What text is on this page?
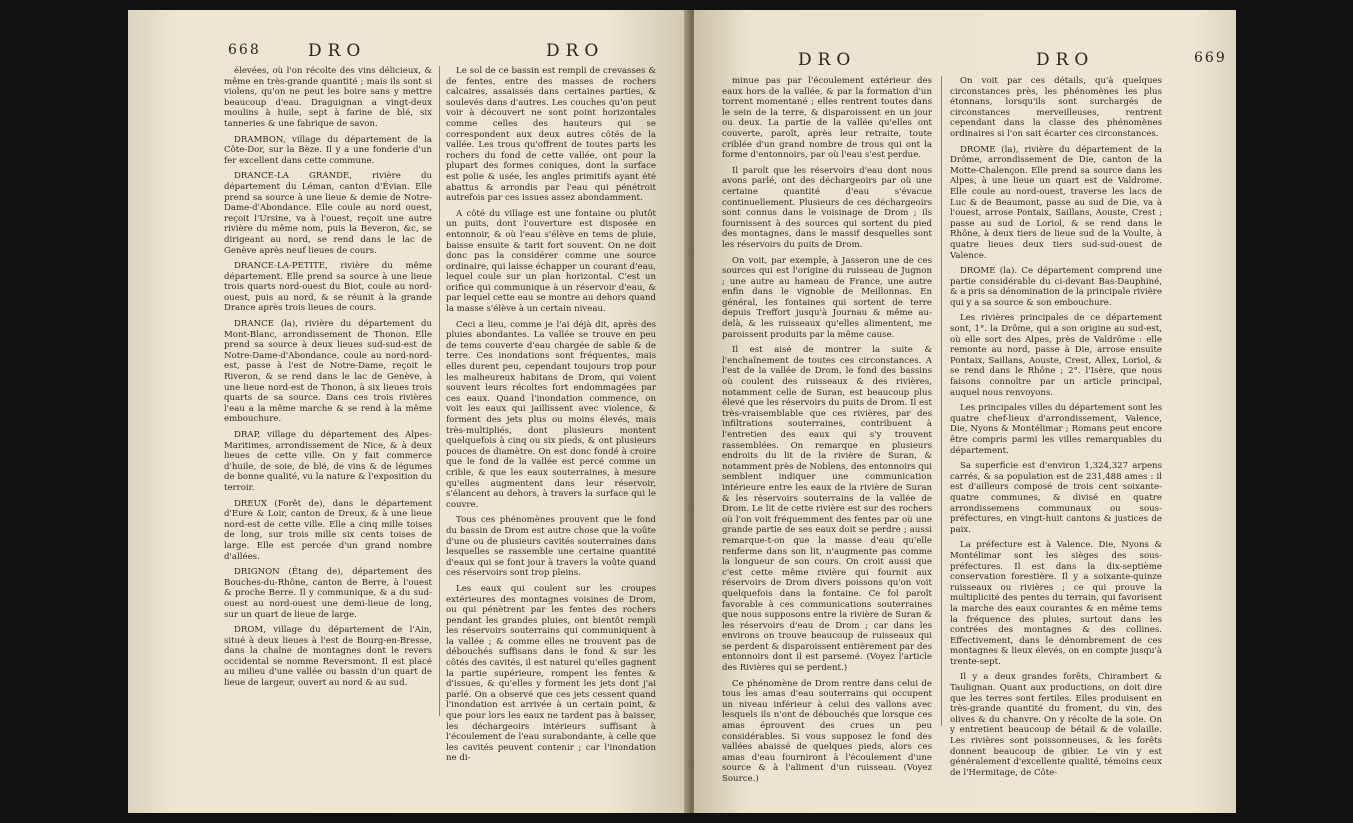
668	DRO	DRO

élevées, où l'on récolte des vins délicieux, & même en très-grande quantité ; mais ils sont si violens, qu'on ne peut les boire sans y mettre beaucoup d'eau. Draguignan a vingt-deux moulins à huile, sept à farine de blé, six tanneries & une fabrique de savon.

DRAMBON, village du département de la Côte-Dor, sur la Bèze. Il y a une fonderie d'un fer excellent dans cette commune.

DRANCE-LA GRANDE, rivière du département du Léman, canton d'Évian. Elle prend sa source à une lieue & demie de Notre-Dame-d'Abondance. Elle coule au nord ouest, reçoit l'Ursine, va à l'ouest, reçoit une autre rivière du même nom, puis la Beveron, &c, se dirigeant au nord, se rend dans le lac de Genève après neuf lieues de cours.

DRANCE-LA-PETITE, rivière du même département. Elle prend sa source à une lieue trois quarts nord-ouest du Biot, coule au nord-ouest, puis au nord, & se réunit à la grande Drance après trois lieues de cours.

DRANCE (la), rivière du département du Mont-Blanc, arrondissement de Thonon. Elle prend sa source à deux lieues sud-sud-est de Notre-Dame-d'Abondance, coule au nord-nord-est, passe à l'est de Notre-Dame, reçoit le Riveron, & se rend dans le lac de Genève, à une lieue nord-est de Thonon, à six lieues trois quarts de sa source. Dans ces trois rivières l'eau a la même marche & se rend à la même embouchure.

DRAP, village du département des Alpes-Maritimes, arrondissement de Nice, & à deux lieues de cette ville. On y fait commerce d'huile, de soie, de blé, de vins & de légumes de bonne qualité, vu la nature & l'exposition du terroir.

DREUX (Forêt de), dans le département d'Eure & Loir, canton de Dreux, & à une lieue nord-est de cette ville. Elle a cinq mille toises de long, sur trois mille six cents toises de large. Elle est percée d'un grand nombre d'allées.

DRIGNON (Étang de), département des Bouches-du-Rhône, canton de Berre, à l'ouest & proche Berre. Il y communique, & a du sud-ouest au nord-ouest une demi-lieue de long, sur un quart de lieue de large.

DROM, village du département de l'Ain, situé à deux lieues à l'est de Bourg-en-Bresse, dans la chaîne de montagnes dont le revers occidental se nomme Reversmont. Il est placé au milieu d'une vallée ou bassin d'un quart de lieue de largeur, ouvert au nord & au sud.

Le sol de ce bassin est rempli de crevasses & de fentes, entre des masses de rochers calcaires, assaissés dans certaines parties, & soulevés dans d'autres. Les couches qu'on peut voir à découvert ne sont point horizontales comme celles des hauteurs qui se correspondent aux deux autres côtés de la vallée. Les trous qu'offrent de toutes parts les rochers du fond de cette vallée, ont pour la plupart des formes coniques, dont la surface est polie & usée, les angles primitifs ayant été abattus & arrondis par l'eau qui pénétroit autrefois par ces issues assez abondamment.

A côté du village est une fontaine ou plutôt un puits, dont l'ouverture est disposée en entonnoir, & où l'eau s'élève en tems de pluie, baisse ensuite & tarit fort souvent. On ne doit donc pas la considérer comme une source ordinaire, qui laisse échapper un courant d'eau, lequel coule sur un plan horizontal. C'est un orifice qui communique à un réservoir d'eau, & par lequel cette eau se montre au dehors quand la masse s'élève à un certain niveau.

Ceci a lieu, comme je l'ai déjà dit, après des pluies abondantes. La vallée se trouve en peu de tems couverte d'eau chargée de sable & de terre. Ces inondations sont fréquentes, mais elles durent peu, cependant toujours trop pour les malheureux habitans de Drom, qui voient souvent leurs récoltes fort endommagées par ces eaux. Quand l'inondation commence, on voit les eaux qui jaillissent avec violence, & forment des jets plus ou moins élevés, mais très-multipliés, dont plusieurs montent quelquefois à cinq ou six pieds, & ont plusieurs pouces de diamètre. On est donc fondé à croire que le fond de la vallée est percé comme un crible, & que les eaux souterraines, à mesure qu'elles augmentent dans leur réservoir, s'élancent au dehors, à travers la surface qui le couvre.

Tous ces phénomènes prouvent que le fond du bassin de Drom est autre chose que la voûte d'une ou de plusieurs cavités souterraines dans lesquelles se rassemble une certaine quantité d'eaux qui se font jour à travers la voûte quand ces réservoirs sont trop pleins.

Les eaux qui coulent sur les croupes extérieures des montagnes voisines de Drom, ou qui pénètrent par les fentes des rochers pendant les grandes pluies, ont bientôt rempli les réservoirs souterrains qui communiquent à la vallée ; & comme elles ne trouvent pas de débouchés suffisans dans le fond & sur les côtés des cavités, il est naturel qu'elles gagnent la partie supérieure, rompent les fentes & d'issues, & qu'elles y forment les jets dont j'ai parlé. On a observé que ces jets cessent quand l'inondation est arrivée à un certain point, & que pour lors les eaux ne tardent pas à baisser, les déchargeoirs intérieurs suffisant à l'écoulement de l'eau surabondante, à celle que les cavités peuvent contenir ; car l'inondation ne di-

DRO	DRO	669

minue pas par l'écoulement extérieur des eaux hors de la vallée, & par la formation d'un torrent momentané ; elles rentrent toutes dans le sein de la terre, & disparoissent en un jour ou deux. La partie de la vallée qu'elles ont couverte, paroît, après leur retraite, toute criblée d'un grand nombre de trous qui ont la forme d'entonnoirs, par où l'eau s'est perdue.

Il paroît que les réservoirs d'eau dont nous avons parlé, ont des déchargeoirs par où une certaine quantité d'eau s'évacue continuellement. Plusieurs de ces déchargeoirs sont connus dans le voisinage de Drom ; ils fournissent à des sources qui sortent du pied des montagnes, dans le massif desquelles sont les réservoirs du puits de Drom.

On voit, par exemple, à Jasseron une de ces sources qui est l'origine du ruisseau de Jugnon ; une autre au hameau de France, une autre enfin dans le vignoble de Meillonnas. En général, les fontaines qui sortent de terre depuis Treffort jusqu'à Journau & même au-delà, & les ruisseaux qu'elles alimentent, me paroissent produits par la même cause.

Il est aisé de montrer la suite & l'enchaînement de toutes ces circonstances. A l'est de la vallée de Drom, le fond des bassins où coulent des ruisseaux & des rivières, notamment celle de Suran, est beaucoup plus élevé que les réservoirs du puits de Drom. Il est très-vraisemblable que ces rivières, par des infiltrations souterraines, contribuent à l'entretien des eaux qui s'y trouvent rassemblées. On remarque en plusieurs endroits du lit de la rivière de Suran, & notamment près de Noblens, des entonnoirs qui semblent indiquer une communication intérieure entre les eaux de la rivière de Suran & les réservoirs souterrains de la vallée de Drom. Le lit de cette rivière est sur des rochers où l'on voit fréquemment des fentes par où une grande partie de ses eaux doit se perdre ; aussi remarque-t-on que la masse d'eau qu'elle renferme dans son lit, n'augmente pas comme la longueur de son cours. On croit aussi que c'est cette même rivière qui fournit aux réservoirs de Drom divers poissons qu'on voit quelquefois dans la fontaine. Ce fol paroît favorable à ces communications souterraines que nous supposons entre la rivière de Suran & les réservoirs d'eau de Drom ; car dans les environs on trouve beaucoup de ruisseaux qui se perdent & disparoissent entièrement par des entonnoirs dont il est parsemé. (Voyez l'article des Rivières qui se perdent.)

Ce phénomène de Drom rentre dans celui de tous les amas d'eau souterrains qui occupent un niveau inférieur à celui des vallons avec lesquels ils n'ont de débouchés que lorsque ces amas éprouvent des crues un peu considérables. Si vous supposez le fond des vallées abaissé de quelques pieds, alors ces amas d'eau fourniront à l'écoulement d'une source & à l'aliment d'un ruisseau. (Voyez Source.)

On voit par ces détails, qu'à quelques circonstances près, les phénomènes les plus étonnans, lorsqu'ils sont surchargés de circonstances merveilleuses, rentrent cependant dans la classe des phénomènes ordinaires si l'on sait écarter ces circonstances.

DROME (la), rivière du département de la Drôme, arrondissement de Die, canton de la Motte-Chalençon. Elle prend sa source dans les Alpes, à une lieue un quart est de Valdrome. Elle coule au nord-ouest, traverse les lacs de Luc & de Beaumont, passe au sud de Die, va à l'ouest, arrose Pontaix, Saillans, Aouste, Crest ; passe au sud de Loriol, & se rend dans le Rhône, à deux tiers de lieue sud de la Voulte, à quatre lieues deux tiers sud-sud-ouest de Valence.

DROME (la). Ce département comprend une partie considérable du ci-devant Bas-Dauphiné, & a pris sa dénomination de la principale rivière qui y a sa source & son embouchure.

Les rivières principales de ce département sont, 1°. la Drôme, qui a son origine au sud-est, où elle sort des Alpes, près de Valdrôme : elle remonte au nord, passe à Die, arrose ensuite Pontaix, Saillans, Aouste, Crest, Allex, Loriol, & se rend dans le Rhône ; 2°. l'Isère, que nous faisons connoître par un article principal, auquel nous renvoyons.

Les principales villes du département sont les quatre chef-lieux d'arrondissement, Valence, Die, Nyons & Montélimar ; Romans peut encore être compris parmi les villes remarquables du département.

Sa superficie est d'environ 1,324,327 arpens carrés, & sa population est de 231,488 ames : il est d'ailleurs composé de trois cent soixante-quatre communes, & divisé en quatre arrondissemens communaux ou sous-préfectures, en vingt-huit cantons & justices de paix.

La préfecture est à Valence. Die, Nyons & Montélimar sont les sièges des sous-préfectures. Il est dans la dix-septième conservation forestière. Il y a soixante-quinze ruisseaux ou rivières ; ce qui prouve la multiplicité des pentes du terrain, qui favorisent la marche des eaux courantes & en même tems la fréquence des pluies, surtout dans les contrées des montagnes & des collines. Effectivement, dans le dénombrement de ces montagnes & lieux élevés, on en compte jusqu'à trente-sept.

Il y a deux grandes forêts, Chirambert & Taulignan. Quant aux productions, on doit dire que les terres sont fertiles. Elles produisent en très-grande quantité du froment, du vin, des olives & du chanvre. On y récolte de la soie. On y entretient beaucoup de bétail & de volaille. Les rivières sont poissonneuses, & les forêts donnent beaucoup de gibier. Le vin y est généralement d'excellente qualité, témoins ceux de l'Hermitage, de Côte-
